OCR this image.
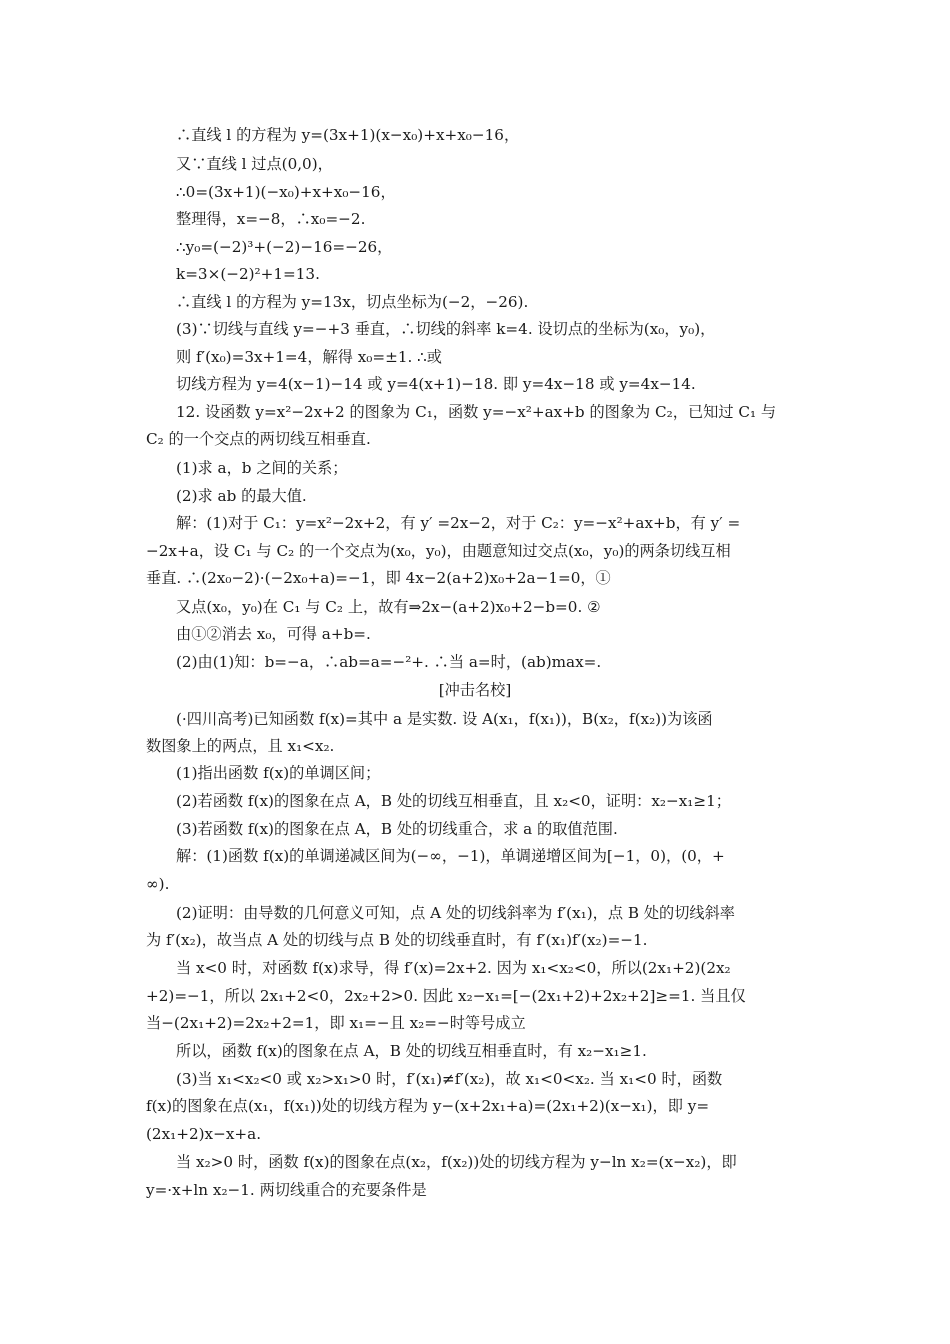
∴直线 l 的方程为 y=(3x+1)(x−x₀)+x+x₀−16，
又∵直线 l 过点(0,0)，
∴0=(3x+1)(−x₀)+x+x₀−16，
整理得，x=−8，∴x₀=−2.
∴y₀=(−2)³+(−2)−16=−26，
k=3×(−2)²+1=13.
∴直线 l 的方程为 y=13x，切点坐标为(−2，−26).
(3)∵切线与直线 y=−+3 垂直，∴切线的斜率 k=4. 设切点的坐标为(x₀，y₀)，
则 f′(x₀)=3x+1=4，解得 x₀=±1. ∴或
切线方程为 y=4(x−1)−14 或 y=4(x+1)−18. 即 y=4x−18 或 y=4x−14.
12. 设函数 y=x²−2x+2 的图象为 C₁，函数 y=−x²+ax+b 的图象为 C₂，已知过 C₁ 与
C₂ 的一个交点的两切线互相垂直.
(1)求 a，b 之间的关系；
(2)求 ab 的最大值.
解：(1)对于 C₁：y=x²−2x+2，有 y′ =2x−2，对于 C₂：y=−x²+ax+b，有 y′ =
−2x+a，设 C₁ 与 C₂ 的一个交点为(x₀，y₀)，由题意知过交点(x₀，y₀)的两条切线互相
垂直. ∴(2x₀−2)·(−2x₀+a)=−1，即 4x−2(a+2)x₀+2a−1=0，①
又点(x₀，y₀)在 C₁ 与 C₂ 上，故有⇒2x−(a+2)x₀+2−b=0. ②
由①②消去 x₀，可得 a+b=.
(2)由(1)知：b=−a，∴ab=a=−²+. ∴当 a=时，(ab)max=.
[冲击名校]
(·四川高考)已知函数 f(x)=其中 a 是实数. 设 A(x₁，f(x₁))，B(x₂，f(x₂))为该函
数图象上的两点，且 x₁<x₂.
(1)指出函数 f(x)的单调区间；
(2)若函数 f(x)的图象在点 A，B 处的切线互相垂直，且 x₂<0，证明：x₂−x₁≥1；
(3)若函数 f(x)的图象在点 A，B 处的切线重合，求 a 的取值范围.
解：(1)函数 f(x)的单调递减区间为(−∞，−1)，单调递增区间为[−1，0)，(0，+
∞).
(2)证明：由导数的几何意义可知，点 A 处的切线斜率为 f′(x₁)，点 B 处的切线斜率
为 f′(x₂)，故当点 A 处的切线与点 B 处的切线垂直时，有 f′(x₁)f′(x₂)=−1.
当 x<0 时，对函数 f(x)求导，得 f′(x)=2x+2. 因为 x₁<x₂<0，所以(2x₁+2)(2x₂
+2)=−1，所以 2x₁+2<0，2x₂+2>0. 因此 x₂−x₁=[−(2x₁+2)+2x₂+2]≥=1. 当且仅
当−(2x₁+2)=2x₂+2=1，即 x₁=−且 x₂=−时等号成立
所以，函数 f(x)的图象在点 A，B 处的切线互相垂直时，有 x₂−x₁≥1.
(3)当 x₁<x₂<0 或 x₂>x₁>0 时，f′(x₁)≠f′(x₂)，故 x₁<0<x₂. 当 x₁<0 时，函数
f(x)的图象在点(x₁，f(x₁))处的切线方程为 y−(x+2x₁+a)=(2x₁+2)(x−x₁)，即 y=
(2x₁+2)x−x+a.
当 x₂>0 时，函数 f(x)的图象在点(x₂，f(x₂))处的切线方程为 y−ln x₂=(x−x₂)，即
y=·x+ln x₂−1. 两切线重合的充要条件是
